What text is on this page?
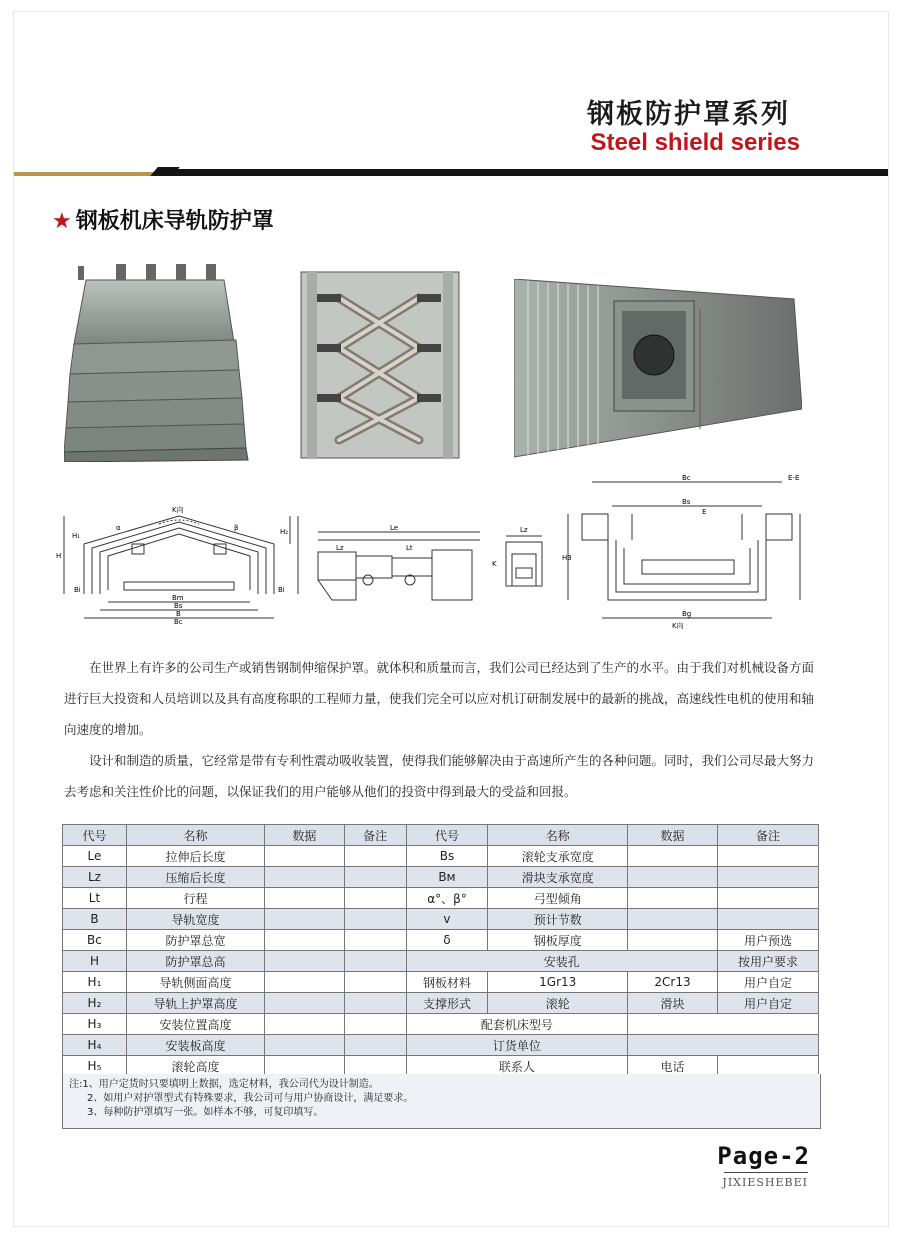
钢板防护罩系列
Steel shield series
★ 钢板机床导轨防护罩
K向
H
H₁	H₂
α	β
Bi	Bi
Bm
Bs
B
Bc
Lz
Le
Lt
Lz
K
E-E
Bc
Bs
E
H3
Bg
K向

在世界上有许多的公司生产或销售钢制伸缩保护罩。就体积和质量而言，我们公司已经达到了生产的水平。由于我们对机械设备方面进行巨大投资和人员培训以及具有高度称职的工程师力量，使我们完全可以应对机订研制发展中的最新的挑战，高速线性电机的使用和轴向速度的增加。

设计和制造的质量，它经常是带有专利性震动吸收装置，使得我们能够解决由于高速所产生的各种问题。同时，我们公司尽最大努力去考虑和关注性价比的问题，以保证我们的用户能够从他们的投资中得到最大的受益和回报。

代号	名称	数据	备注	代号	名称	数据	备注
Le	拉伸后长度			Bs	滚轮支承宽度		
Lz	压缩后长度			Bм	滑块支承宽度		
Lt	行程			α°、β°	弓型倾角		
B	导轨宽度			v	预计节数		
Bc	防护罩总宽			δ	钢板厚度		用户预选
H	防护罩总高			安装孔			按用户要求
H₁	导轨侧面高度			钢板材料	1Gr13	2Cr13	用户自定
H₂	导轨上护罩高度			支撑形式	滚轮	滑块	用户自定
H₃	安装位置高度			配套机床型号			
H₄	安装板高度			订货单位			
H₅	滚轮高度			联系人		电话	
注:1、用户定货时只要填明上数据，选定材料，我公司代为设计制造。
2、如用户对护罩型式有特殊要求，我公司可与用户协商设计，满足要求。
3、每种防护罩填写一张。如样本不够，可复印填写。
Page-2
JIXIESHEBEI
